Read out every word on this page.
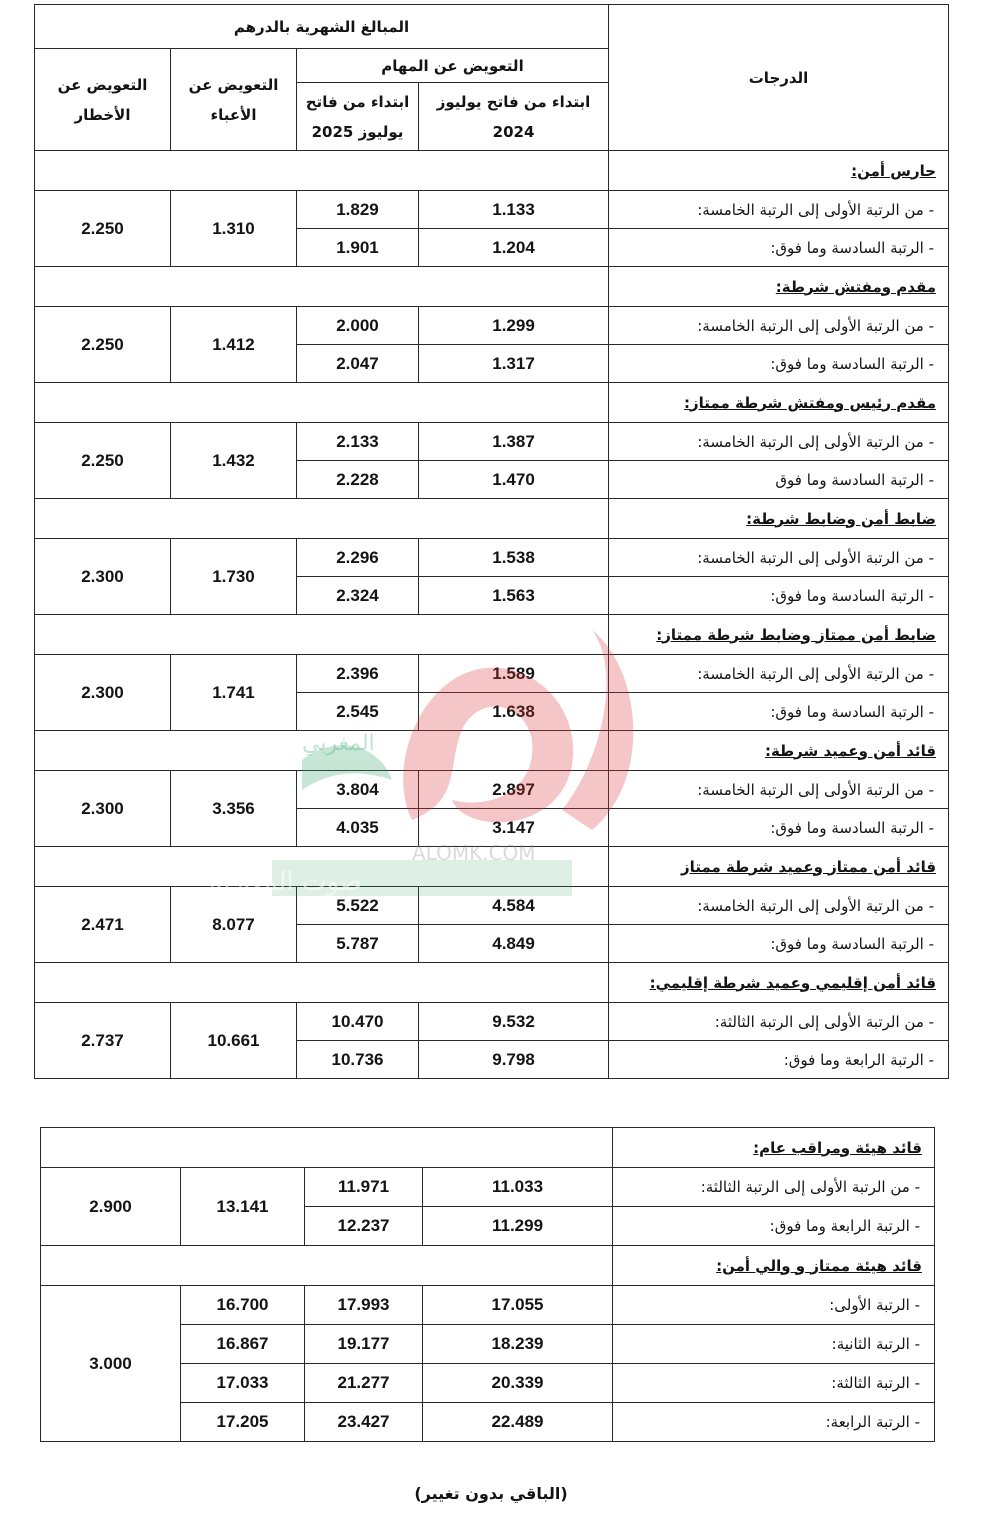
المبالغ الشهرية بالدرهم				الدرجات
التعويض عن الأخطار	التعويض عن الأعباء	التعويض عن المهام		
		ابتداء من فاتح يوليوز 2025	ابتداء من فاتح يوليوز 2024	
				حارس أمن:
2.250	1.310	1.829	1.133	- من الرتبة الأولى إلى الرتبة الخامسة:
		1.901	1.204	- الرتبة السادسة وما فوق:
				مقدم ومفتش شرطة:
2.250	1.412	2.000	1.299	- من الرتبة الأولى إلى الرتبة الخامسة:
		2.047	1.317	- الرتبة السادسة وما فوق:
				مقدم رئيس ومفتش شرطة ممتاز:
2.250	1.432	2.133	1.387	- من الرتبة الأولى إلى الرتبة الخامسة:
		2.228	1.470	- الرتبة السادسة وما فوق
				ضابط أمن وضابط شرطة:
2.300	1.730	2.296	1.538	- من الرتبة الأولى إلى الرتبة الخامسة:
		2.324	1.563	- الرتبة السادسة وما فوق:
				ضابط أمن ممتاز وضابط شرطة ممتاز:
2.300	1.741	2.396	1.589	- من الرتبة الأولى إلى الرتبة الخامسة:
		2.545	1.638	- الرتبة السادسة وما فوق:
				قائد أمن وعميد شرطة:
2.300	3.356	3.804	2.897	- من الرتبة الأولى إلى الرتبة الخامسة:
		4.035	3.147	- الرتبة السادسة وما فوق:
				قائد أمن ممتاز وعميد شرطة ممتاز
2.471	8.077	5.522	4.584	- من الرتبة الأولى إلى الرتبة الخامسة:
		5.787	4.849	- الرتبة السادسة وما فوق:
				قائد أمن إقليمي وعميد شرطة إقليمي:
2.737	10.661	10.470	9.532	- من الرتبة الأولى إلى الرتبة الثالثة:
		10.736	9.798	- الرتبة الرابعة وما فوق:
				قائد هيئة ومراقب عام:
2.900	13.141	11.971	11.033	- من الرتبة الأولى إلى الرتبة الثالثة:
		12.237	11.299	- الرتبة الرابعة وما فوق:
				قائد هيئة ممتاز و والي أمن:
3.000	16.700	17.993	17.055	- الرتبة الأولى:
	16.867	19.177	18.239	- الرتبة الثانية:
	17.033	21.277	20.339	- الرتبة الثالثة:
	17.205	23.427	22.489	- الرتبة الرابعة:
المغربي
ALOMK.COM
صوت المغاربة
(الباقي بدون تغيير)
